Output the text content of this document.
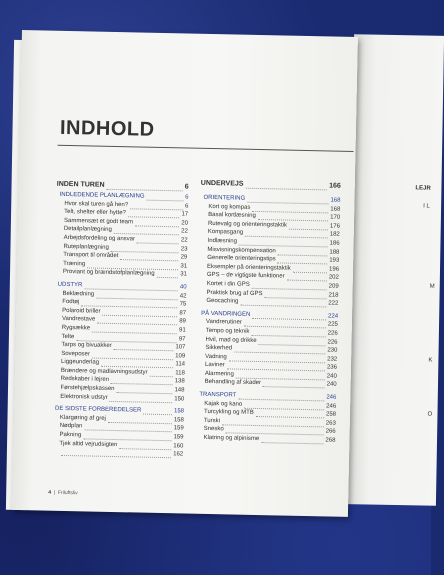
LEJR
I L
M
K
O
INDHOLD
INDEN TUREN	6
INDLEDENDE PLANLÆGNING	6
Hvor skal turen gå hen?	6
Telt, shelter eller hytte?	17
Sammensæt et godt team	20
Detailplanlægning	22
Arbejdsfordeling og ansvar	22
Ruteplanlægning	23
Transport til området	29
Træning	31
Proviant og brændstofplanlægning	31
UDSTYR	40
Beklædning	42
Fodtøj	75
Polaroid briller	87
Vandrestave	89
Rygsække	91
Telte	97
Tarps og bivuakker	107
Soveposer	109
Liggeunderlag	114
Brændere og madlavningsudstyr	118
Redskaber i lejren	138
Førstehjælpskassen	148
Elektronisk udstyr	150
DE SIDSTE FORBEREDELSER	158
Klargøring af grej	158
Nødplan	159
Pakning	159
Tjek altid vejrudsigten	160
162
UNDERVEJS	166
ORIENTERING	168
Kort og kompas	168
Basal kortlæsning	170
Rutevalg og orienteringstaktik	176
Kompasgang	182
Indlæsning	186
Misvisningskompensation	188
Generelle orienteringstips	193
Eksempler på orienteringstaktik	196
GPS – de vigtigste funktioner	202
Kortet i din GPS	209
Praktisk brug af GPS	218
Geocaching	222
PÅ VANDRINGEN	224
Vandrerutiner	225
Tempo og teknik	226
Hvil, mad og drikke	226
Sikkerhed	230
Vadning	232
Laviner	236
Alarmering	240
Behandling af skader	240
TRANSPORT	246
Kajak og kano	246
Turcykling og MTB	258
Turski	263
Snesko	266
Klatring og alpinisme	268
4  |  Friluftsliv
